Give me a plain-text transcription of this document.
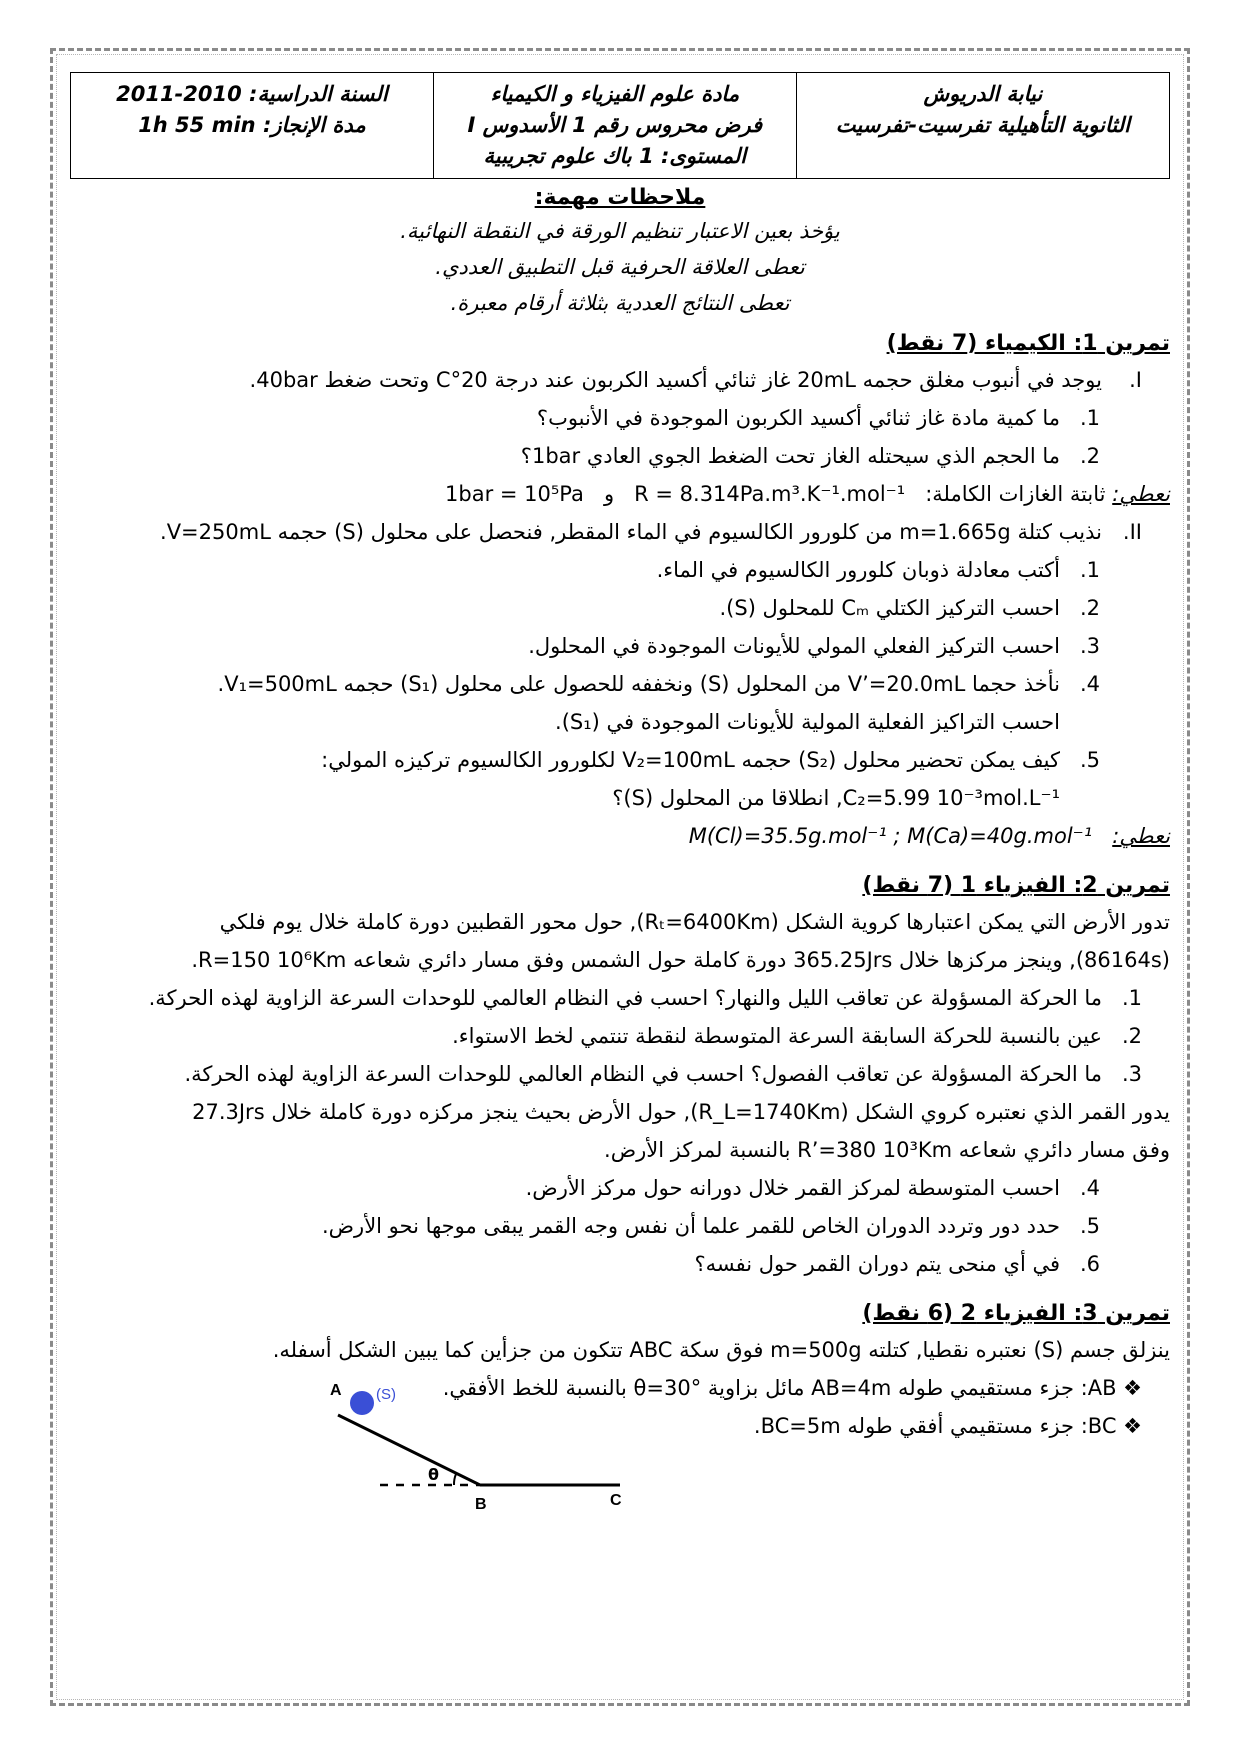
نيابة الدريوش
الثانوية التأهيلية تفرسيت-تفرسيت

مادة علوم الفيزياء و الكيمياء
فرض محروس رقم 1 الأسدوس I
المستوى: 1 باك علوم تجريبية

السنة الدراسية: 2011-2010
مدة الإنجاز: 1h 55 min
ملاحظات مهمة:
يؤخذ بعين الاعتبار تنظيم الورقة في النقطة النهائية.
تعطى العلاقة الحرفية قبل التطبيق العددي.
تعطى النتائج العددية بثلاثة أرقام معبرة.
تمرين 1: الكيمياء (7 نقط)
I.يوجد في أنبوب مغلق حجمه 20mL غاز ثنائي أكسيد الكربون عند درجة 20°C وتحت ضغط 40bar.
1.ما كمية مادة غاز ثنائي أكسيد الكربون الموجودة في الأنبوب؟
2.ما الحجم الذي سيحتله الغاز تحت الضغط الجوي العادي 1bar؟
نعطي: ثابتة الغازات الكاملة:   R = 8.314Pa.m³.K⁻¹.mol⁻¹   و   1bar = 10⁵Pa
II.نذيب كتلة m=1.665g من كلورور الكالسيوم في الماء المقطر, فنحصل على محلول (S) حجمه V=250mL.
1.أكتب معادلة ذوبان كلورور الكالسيوم في الماء.
2.احسب التركيز الكتلي Cₘ للمحلول (S).
3.احسب التركيز الفعلي المولي للأيونات الموجودة في المحلول.
4.نأخذ حجما V’=20.0mL من المحلول (S) ونخففه للحصول على محلول (S₁) حجمه V₁=500mL.
احسب التراكيز الفعلية المولية للأيونات الموجودة في (S₁).
5.كيف يمكن تحضير محلول (S₂) حجمه V₂=100mL لكلورور الكالسيوم تركيزه المولي:
C₂=5.99 10⁻³mol.L⁻¹, انطلاقا من المحلول (S)؟
نعطي:   M(Cl)=35.5g.mol⁻¹ ; M(Ca)=40g.mol⁻¹
تمرين 2: الفيزياء 1 (7 نقط)
تدور الأرض التي يمكن اعتبارها كروية الشكل (Rₜ=6400Km), حول محور القطبين دورة كاملة خلال يوم فلكي
(86164s), وينجز مركزها خلال 365.25Jrs دورة كاملة حول الشمس وفق مسار دائري شعاعه R=150 10⁶Km.
1.ما الحركة المسؤولة عن تعاقب الليل والنهار؟ احسب في النظام العالمي للوحدات السرعة الزاوية لهذه الحركة.
2.عين بالنسبة للحركة السابقة السرعة المتوسطة لنقطة تنتمي لخط الاستواء.
3.ما الحركة المسؤولة عن تعاقب الفصول؟ احسب في النظام العالمي للوحدات السرعة الزاوية لهذه الحركة.
يدور القمر الذي نعتبره كروي الشكل (R_L=1740Km), حول الأرض بحيث ينجز مركزه دورة كاملة خلال 27.3Jrs
وفق مسار دائري شعاعه R’=380 10³Km بالنسبة لمركز الأرض.
4.احسب المتوسطة لمركز القمر خلال دورانه حول مركز الأرض.
5.حدد دور وتردد الدوران الخاص للقمر علما أن نفس وجه القمر يبقى موجها نحو الأرض.
6.في أي منحى يتم دوران القمر حول نفسه؟
تمرين 3: الفيزياء 2 (6 نقط)
ينزلق جسم (S) نعتبره نقطيا, كتلته m=500g فوق سكة ABC تتكون من جزأين كما يبين الشكل أسفله.
❖ AB: جزء مستقيمي طوله AB=4m مائل بزاوية θ=30° بالنسبة للخط الأفقي.
❖ BC: جزء مستقيمي أفقي طوله BC=5m.
A (S)
θ
B	C
